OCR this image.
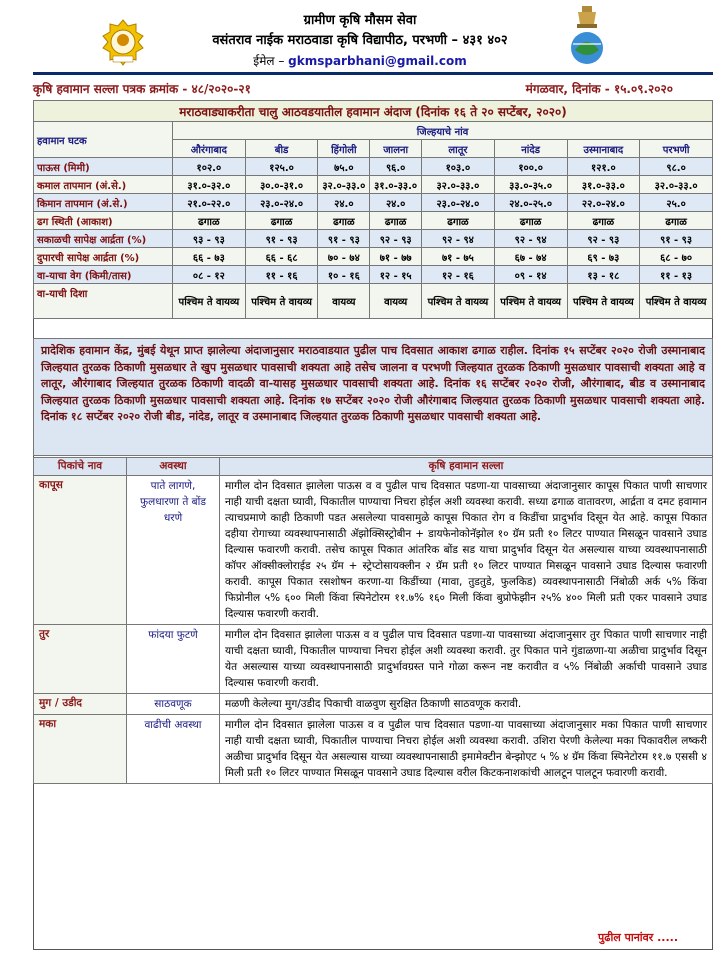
ग्रामीण कृषि मौसम सेवा
वसंतराव नाईक मराठवाडा कृषि विद्यापीठ, परभणी – ४३१ ४०२
ईमेल – gkmsparbhani@gmail.com
कृषि हवामान सल्ला पत्रक क्रमांक - ४८/२०२०-२१	मंगळवार, दिनांक - १५.०९.२०२०
मराठवाड्याकरीता चालु आठवडयातील हवामान अंदाज (दिनांक १६ ते २० सप्टेंबर, २०२०)								
हवामान घटक	जिल्हयाचे नांव							
	औरंगाबाद	बीड	हिंगोली	जालना	लातूर	नांदेड	उस्मानाबाद	परभणी
पाऊस (मिमी)	१०२.०	१२५.०	७५.०	९६.०	१०३.०	१००.०	१२१.०	९८.०
कमाल तापमान (अं.से.)	३१.०-३२.०	३०.०-३१.०	३२.०-३३.०	३१.०-३३.०	३२.०-३३.०	३३.०-३५.०	३१.०-३३.०	३२.०-३३.०
किमान तापमान (अं.से.)	२१.०-२२.०	२३.०-२४.०	२४.०	२४.०	२३.०-२४.०	२४.०-२५.०	२२.०-२४.०	२५.०
ढग स्थिती (आकाश)	ढगाळ	ढगाळ	ढगाळ	ढगाळ	ढगाळ	ढगाळ	ढगाळ	ढगाळ
सकाळची सापेक्ष आर्द्रता (%)	९३ - ९३	९१ - ९३	९१ - ९३	९२ - ९३	९२ - ९४	९२ - ९४	९२ - ९३	९१ - ९३
दुपारची सापेक्ष आर्द्रता (%)	६६ - ७३	६६ - ६८	७० - ७४	७१ - ७७	७१ - ७५	६७ - ७४	६९ - ७३	६८ - ७०
वा-याचा वेग (किमी/तास)	०८ - १२	११ - १६	१० - १६	१२ - १५	१२ - १६	०९ - १४	१३ - १८	११ - १३
वा-याची दिशा	पश्चिम ते वायव्य	पश्चिम ते वायव्य	वायव्य	वायव्य	पश्चिम ते वायव्य	पश्चिम ते वायव्य	पश्चिम ते वायव्य	पश्चिम ते वायव्य
प्रादेशिक हवामान केंद्र, मुंबई येथून प्राप्त झालेल्या अंदाजानुसार मराठवाडयात पुढील पाच दिवसात आकाश ढगाळ राहील. दिनांक १५ सप्टेंबर २०२० रोजी उस्मानाबाद जिल्हयात तुरळक ठिकाणी मुसळधार ते खुप मुसळधार पावसाची शक्यता आहे तसेच जालना व परभणी जिल्हयात तुरळक ठिकाणी मुसळधार पावसाची शक्यता आहे व लातूर, औरंगाबाद जिल्हयात तुरळक ठिकाणी वादळी वा-यासह मुसळधार पावसाची शक्यता आहे. दिनांक १६ सप्टेंबर २०२० रोजी, औरंगाबाद, बीड व उस्मानाबाद जिल्हयात तुरळक ठिकाणी मुसळधार पावसाची शक्यता आहे. दिनांक १७ सप्टेंबर २०२० रोजी औरंगाबाद जिल्हयात तुरळक ठिकाणी मुसळधार पावसाची शक्यता आहे. दिनांक १८ सप्टेंबर २०२० रोजी बीड, नांदेड, लातूर व उस्मानाबाद जिल्हयात तुरळक ठिकाणी मुसळधार पावसाची शक्यता आहे.
पिकांचे नाव	अवस्था	कृषि हवामान सल्ला
कापूस	पाते लागणे, फुलधारणा ते बोंड धरणे	मागील दोन दिवसात झालेला पाऊस व व पुढील पाच दिवसात पडणा-या पावसाच्या अंदाजानुसार कापूस पिकात पाणी साचणार नाही याची दक्षता घ्यावी, पिकातील पाण्याचा निचरा होईल अशी व्यवस्था करावी. सध्या ढगाळ वातावरण, आर्द्रता व दमट हवामान त्याचप्रमाणे काही ठिकाणी पडत असलेल्या पावसामुळे कापूस पिकात रोग व किडींचा प्रादुर्भाव दिसून येत आहे. कापूस पिकात दहीया रोगाच्या व्यवस्थापनासाठी ॲझोक्सिस्ट्रोबीन + डायफेनोकोनॅझोल १० ग्रॅम प्रती १० लिटर पाण्यात मिसळून पावसाने उघाड दिल्यास फवारणी करावी. तसेच कापूस पिकात आंतरिक बोंड सड याचा प्रादुर्भाव दिसून येत असल्यास याच्या व्यवस्थापनासाठी कॉपर ऑक्सीक्लोराईड २५ ग्रॅम + स्ट्रेप्टोसायक्लीन २ ग्रॅम प्रती १० लिटर पाण्यात मिसळून पावसाने उघाड दिल्यास फवारणी करावी. कापूस पिकात रसशोषन करणा-या किडींच्या (मावा, तुडतुडे, फुलकिड) व्यवस्थापनासाठी निंबोळी अर्क ५% किंवा फिप्रोनील ५% ६०० मिली किंवा स्पिनेटोरम ११.७% १६० मिली किंवा बुप्रोफेझीन २५% ४०० मिली प्रती एकर पावसाने उघाड दिल्यास फवारणी करावी.
तुर	फांदया फुटणे	मागील दोन दिवसात झालेला पाऊस व व पुढील पाच दिवसात पडणा-या पावसाच्या अंदाजानुसार तुर पिकात पाणी साचणार नाही याची दक्षता घ्यावी, पिकातील पाण्याचा निचरा होईल अशी व्यवस्था करावी. तुर पिकात पाने गुंडाळणा-या अळीचा प्रादुर्भाव दिसून येत असल्यास याच्या व्यवस्थापनासाठी प्रादुर्भावग्रस्त पाने गोळा करून नष्ट करावीत व ५% निंबोळी अर्काची पावसाने उघाड दिल्यास फवारणी करावी.
मुग / उडीद	साठवणूक	मळणी केलेल्या मुग/उडीद पिकाची वाळवुण सुरक्षित ठिकाणी साठवणूक करावी.
मका	वाढीची अवस्था	मागील दोन दिवसात झालेला पाऊस व व पुढील पाच दिवसात पडणा-या पावसाच्या अंदाजानुसार मका पिकात पाणी साचणार नाही याची दक्षता घ्यावी, पिकातील पाण्याचा निचरा होईल अशी व्यवस्था करावी. उशिरा पेरणी केलेल्या मका पिकावरील लष्करी अळीचा प्रादुर्भाव दिसून येत असल्यास याच्या व्यवस्थापनासाठी इमामेक्टीन बेन्झोएट ५ % ४ ग्रॅम किंवा स्पिनेटोरम ११.७ एससी ४ मिली प्रती १० लिटर पाण्यात मिसळून पावसाने उघाड दिल्यास वरील किटकनाशकांची आलटून पालटून फवारणी करावी.
पुढील पानांवर .....
